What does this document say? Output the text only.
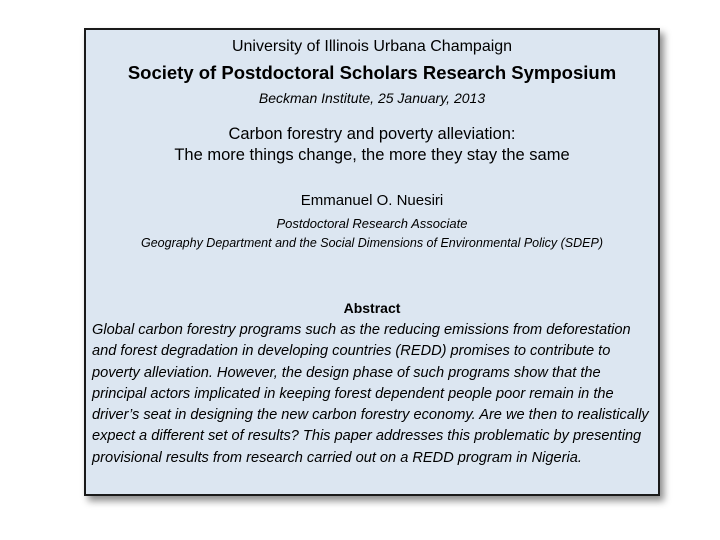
University of Illinois Urbana Champaign
Society of Postdoctoral Scholars Research Symposium
Beckman Institute, 25 January, 2013
Carbon forestry and poverty alleviation:
The more things change, the more they stay the same
Emmanuel O. Nuesiri
Postdoctoral Research Associate
Geography Department and the Social Dimensions of Environmental Policy (SDEP)
Abstract
Global carbon forestry programs such as the reducing emissions from deforestation and forest degradation in developing countries (REDD) promises to contribute to poverty alleviation. However, the design phase of such programs show that the principal actors implicated in keeping forest dependent people poor remain in the driver’s seat in designing the new carbon forestry economy. Are we then to realistically expect a different set of results? This paper addresses this problematic by presenting provisional results from research carried out on a REDD program in Nigeria.
